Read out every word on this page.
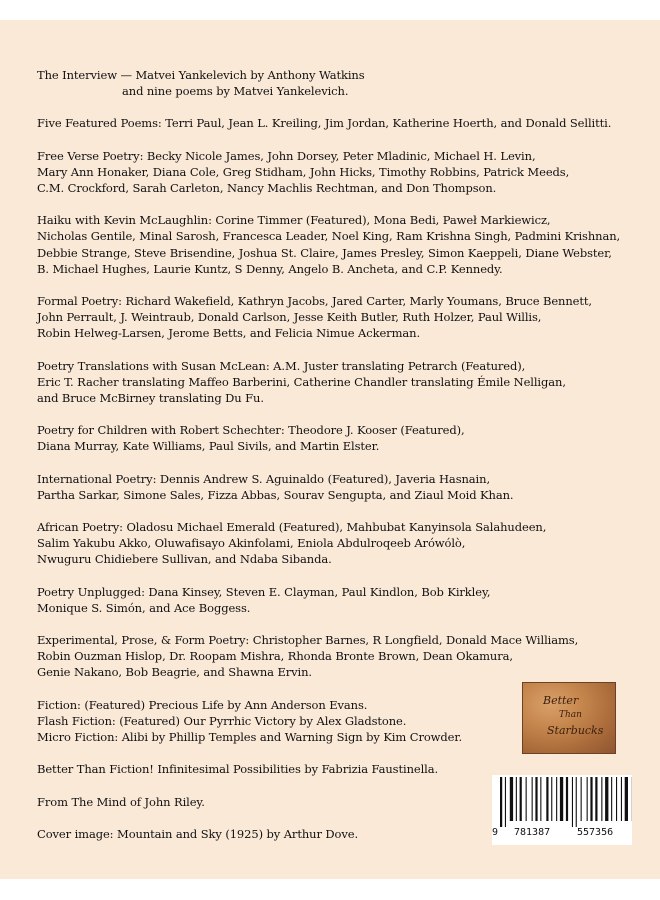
The Interview — Matvei Yankelevich by Anthony Watkins
and nine poems by Matvei Yankelevich.
Five Featured Poems: Terri Paul, Jean L. Kreiling, Jim Jordan, Katherine Hoerth, and Donald Sellitti.
Free Verse Poetry: Becky Nicole James, John Dorsey, Peter Mladinic, Michael H. Levin,
Mary Ann Honaker, Diana Cole, Greg Stidham, John Hicks, Timothy Robbins, Patrick Meeds,
C.M. Crockford, Sarah Carleton, Nancy Machlis Rechtman, and Don Thompson.
Haiku with Kevin McLaughlin: Corine Timmer (Featured), Mona Bedi, Paweł Markiewicz,
Nicholas Gentile, Minal Sarosh, Francesca Leader, Noel King, Ram Krishna Singh, Padmini Krishnan,
Debbie Strange, Steve Brisendine, Joshua St. Claire, James Presley, Simon Kaeppeli, Diane Webster,
B. Michael Hughes, Laurie Kuntz, S Denny, Angelo B. Ancheta, and C.P. Kennedy.
Formal Poetry: Richard Wakefield, Kathryn Jacobs, Jared Carter, Marly Youmans, Bruce Bennett,
John Perrault, J. Weintraub, Donald Carlson, Jesse Keith Butler, Ruth Holzer, Paul Willis,
Robin Helweg-Larsen, Jerome Betts, and Felicia Nimue Ackerman.
Poetry Translations with Susan McLean: A.M. Juster translating Petrarch (Featured),
Eric T. Racher translating Maffeo Barberini, Catherine Chandler translating Émile Nelligan,
and Bruce McBirney translating Du Fu.
Poetry for Children with Robert Schechter: Theodore J. Kooser (Featured),
Diana Murray, Kate Williams, Paul Sivils, and Martin Elster.
International Poetry: Dennis Andrew S. Aguinaldo (Featured), Javeria Hasnain,
Partha Sarkar, Simone Sales, Fizza Abbas, Sourav Sengupta, and Ziaul Moid Khan.
African Poetry: Oladosu Michael Emerald (Featured), Mahbubat Kanyinsola Salahudeen,
Salim Yakubu Akko, Oluwafisayo Akinfolami, Eniola Abdulroqeeb Arówólò,
Nwuguru Chidiebere Sullivan, and Ndaba Sibanda.
Poetry Unplugged: Dana Kinsey, Steven E. Clayman, Paul Kindlon, Bob Kirkley,
Monique S. Simón, and Ace Boggess.
Experimental, Prose, & Form Poetry: Christopher Barnes, R Longfield, Donald Mace Williams,
Robin Ouzman Hislop, Dr. Roopam Mishra, Rhonda Bronte Brown, Dean Okamura,
Genie Nakano, Bob Beagrie, and Shawna Ervin.
Fiction: (Featured) Precious Life by Ann Anderson Evans.
Flash Fiction: (Featured) Our Pyrrhic Victory by Alex Gladstone.
Micro Fiction: Alibi by Phillip Temples and Warning Sign by Kim Crowder.
Better Than Fiction! Infinitesimal Possibilities by Fabrizia Faustinella.
From The Mind of John Riley.
Cover image: Mountain and Sky (1925) by Arthur Dove.
Better
Than
Starbucks
9 781387	557356
